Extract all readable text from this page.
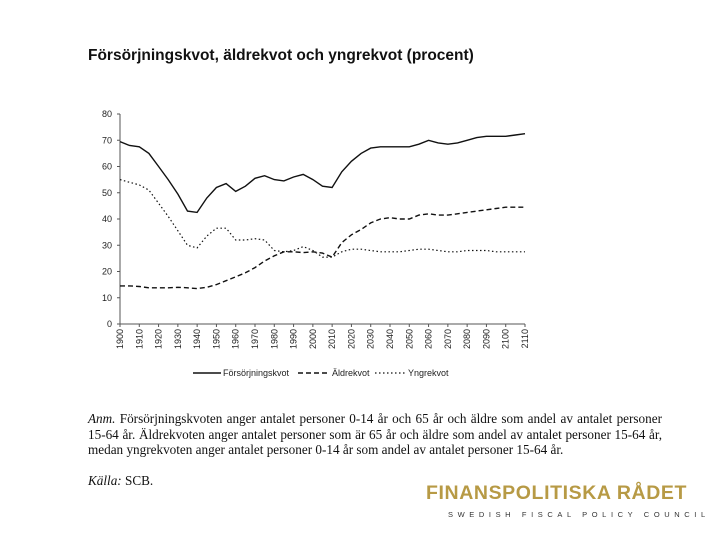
Försörjningskvot, äldrekvot och yngrekvot (procent)
0
10
20
30
40
50
60
70
80
1900 1910 1920 1930 1940 1950 1960 1970 1980 1990 2000 2010 2020 2030 2040 2050 2060 2070 2080 2090 2100 2110
Försörjningskvot	Äldrekvot	Yngrekvot
Anm. Försörjningskvoten anger antalet personer 0-14 år och 65 år och äldre som andel av antalet personer 15-64 år. Äldrekvoten anger antalet personer som är 65 år och äldre som andel av antalet personer 15-64 år, medan yngrekvoten anger antalet personer 0-14 år som andel av antalet personer 15-64 år.
Källa: SCB.
FINANSPOLITISKA RÅDET
SWEDISH FISCAL POLICY COUNCIL
